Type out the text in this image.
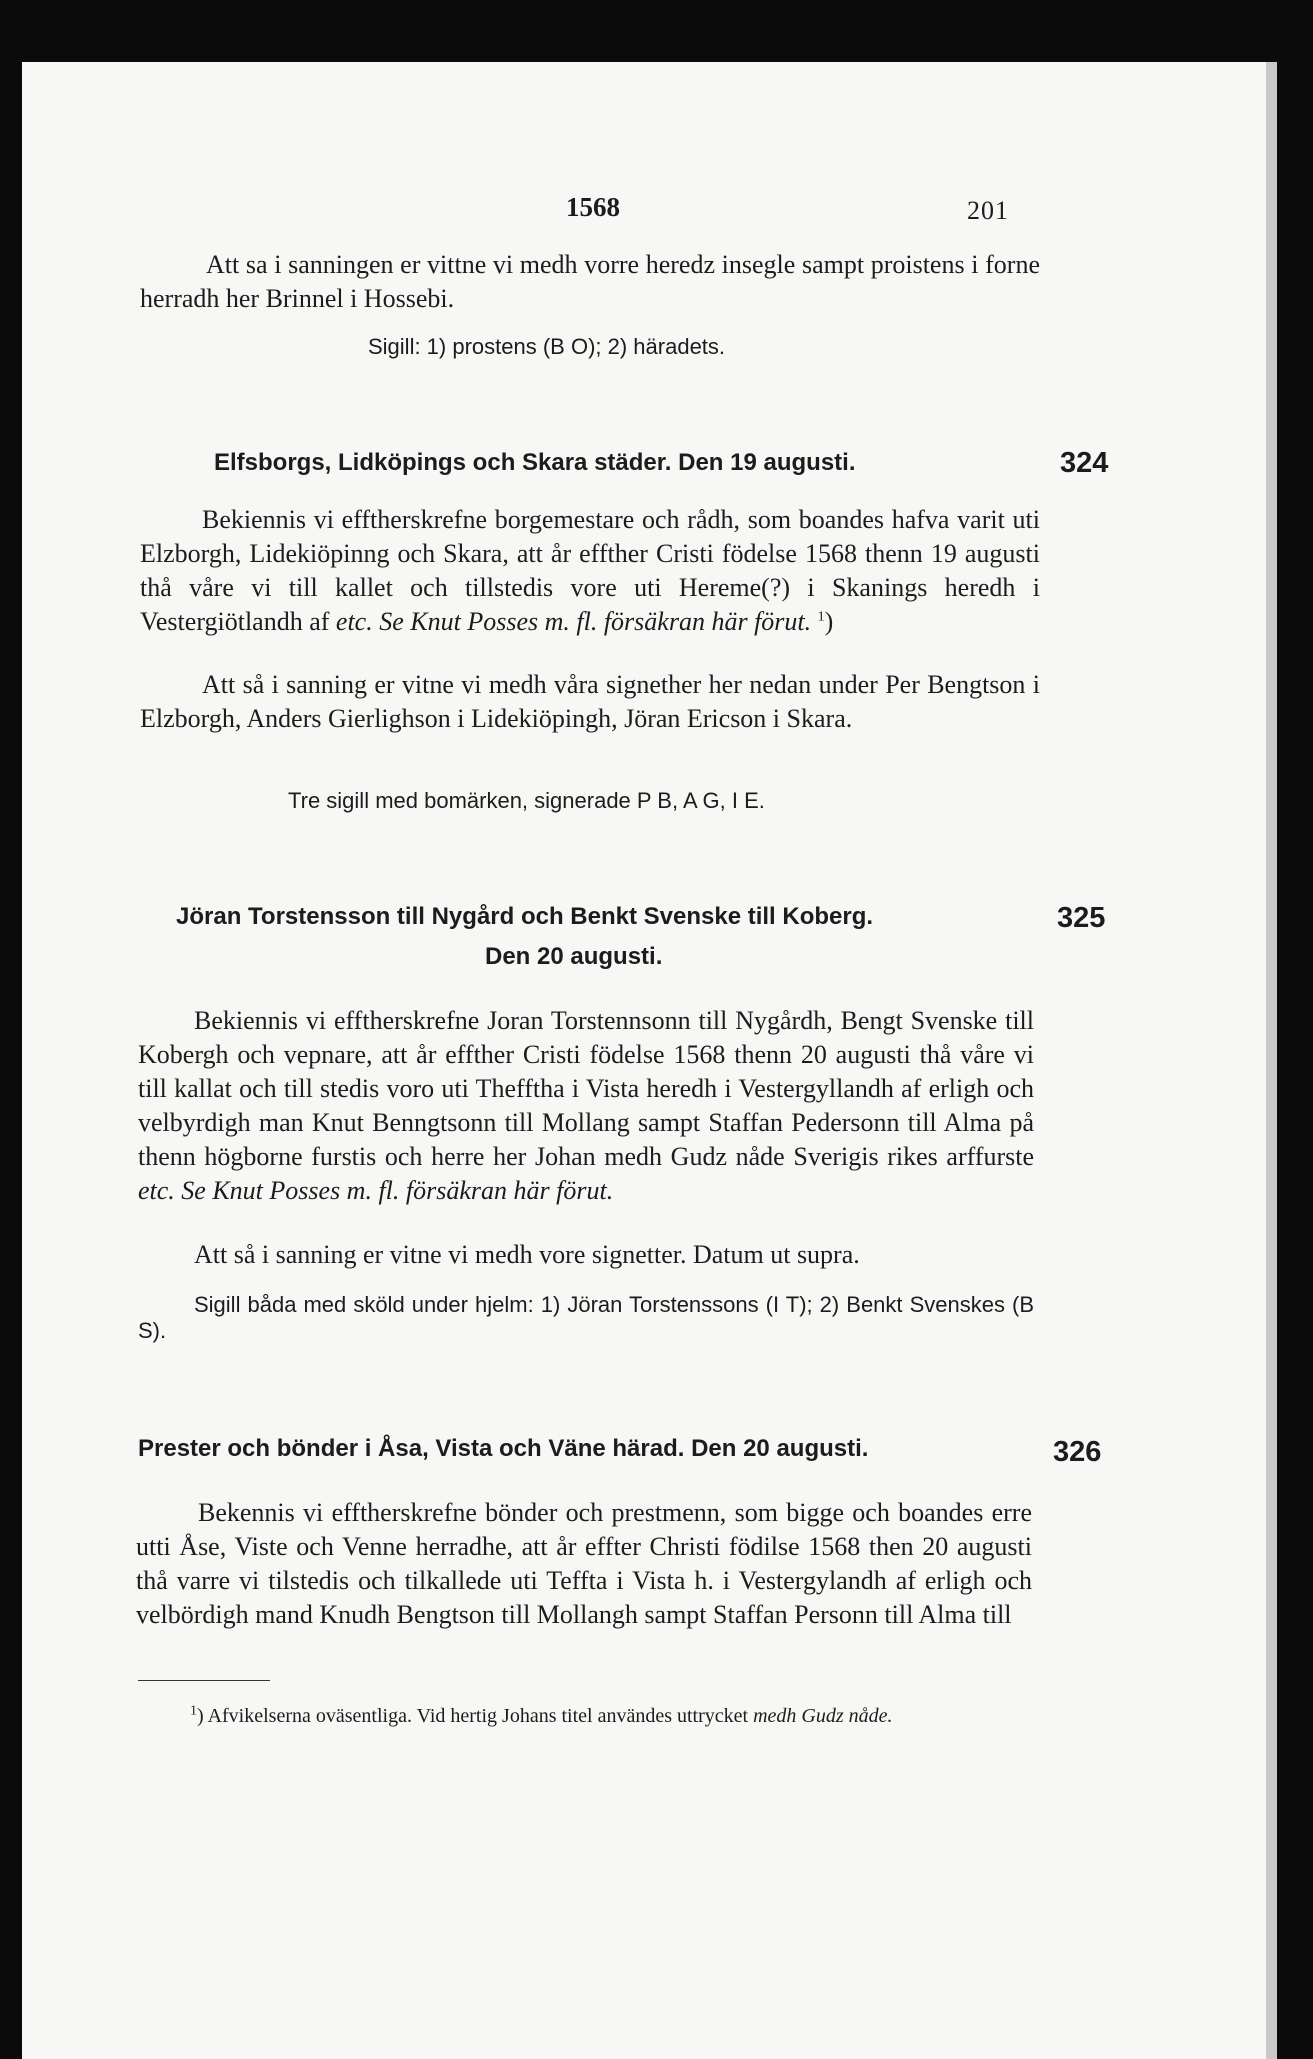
1568	201

Att sa i sanningen er vittne vi medh vorre heredz insegle sampt proistens i forne herradh her Brinnel i Hossebi.

Sigill: 1) prostens (B O); 2) häradets.

Elfsborgs, Lidköpings och Skara städer. Den 19 augusti.	324

Bekiennis vi efftherskrefne borgemestare och rådh, som boandes hafva varit uti Elzborgh, Lidekiöpinng och Skara, att år effther Cristi födelse 1568 thenn 19 augusti thå våre vi till kallet och tillstedis vore uti Hereme(?) i Skanings heredh i Vestergiötlandh af etc. Se Knut Posses m. fl. försäkran här förut. $^1$)

Att så i sanning er vitne vi medh våra signether her nedan under Per Bengtson i Elzborgh, Anders Gierlighson i Lidekiöpingh, Jöran Ericson i Skara.

Tre sigill med bomärken, signerade P B, A G, I E.

Jöran Torstensson till Nygård och Benkt Svenske till Koberg.
Den 20 augusti.
325

Bekiennis vi efftherskrefne Joran Torstennsonn till Nygårdh, Bengt Svenske till Kobergh och vepnare, att år effther Cristi födelse 1568 thenn 20 augusti thå våre vi till kallat och till stedis voro uti Thefftha i Vista heredh i Vestergyllandh af erligh och velbyrdigh man Knut Benngtsonn till Mollang sampt Staffan Pedersonn till Alma på thenn högborne furstis och herre her Johan medh Gudz nåde Sverigis rikes arffurste etc. Se Knut Posses m. fl. försäkran här förut.

Att så i sanning er vitne vi medh vore signetter. Datum ut supra.

Sigill båda med sköld under hjelm: 1) Jöran Torstenssons (I T); 2) Benkt Svenskes (B S).

Prester och bönder i Åsa, Vista och Väne härad. Den 20 augusti.	326

Bekennis vi efftherskrefne bönder och prestmenn, som bigge och boandes erre utti Åse, Viste och Venne herradhe, att år effter Christi födilse 1568 then 20 augusti thå varre vi tilstedis och tilkallede uti Teffta i Vista h. i Vestergylandh af erligh och velbördigh mand Knudh Bengtson till Mollangh sampt Staffan Personn till Alma till

$^1$) Afvikelserna oväsentliga. Vid hertig Johans titel användes uttrycket medh Gudz nåde.
